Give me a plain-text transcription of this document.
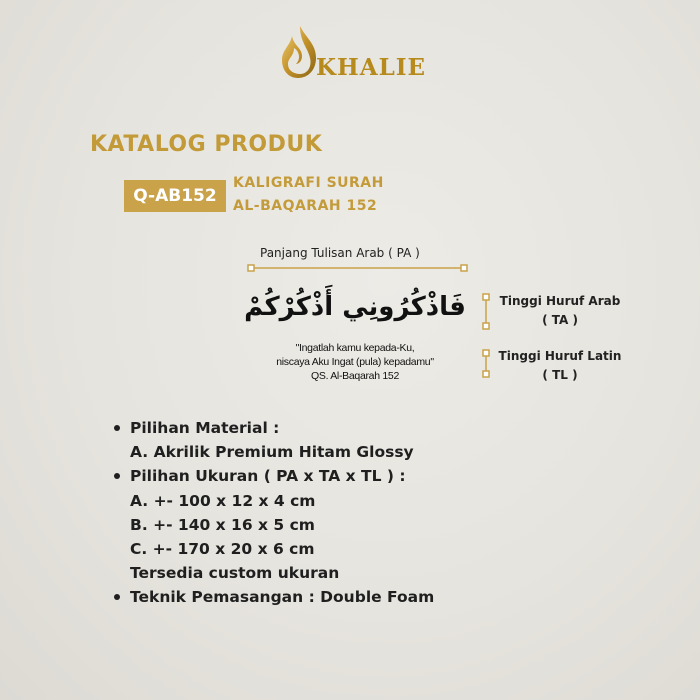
KHALIE
KATALOG PRODUK
Q-AB152
KALIGRAFI SURAH
AL-BAQARAH 152
Panjang Tulisan Arab ( PA )
فَاذْكُرُونِي أَذْكُرْكُمْ
"Ingatlah kamu kepada-Ku,
niscaya Aku Ingat (pula) kepadamu"
QS. Al-Baqarah 152
Tinggi Huruf Arab
( TA )
Tinggi Huruf Latin
( TL )
Pilihan Material :
A. Akrilik Premium Hitam Glossy
Pilihan Ukuran ( PA x TA x TL ) :
A. +- 100 x 12 x 4 cm
B. +- 140 x 16 x 5 cm
C. +- 170 x 20 x 6 cm
Tersedia custom ukuran
Teknik Pemasangan : Double Foam
